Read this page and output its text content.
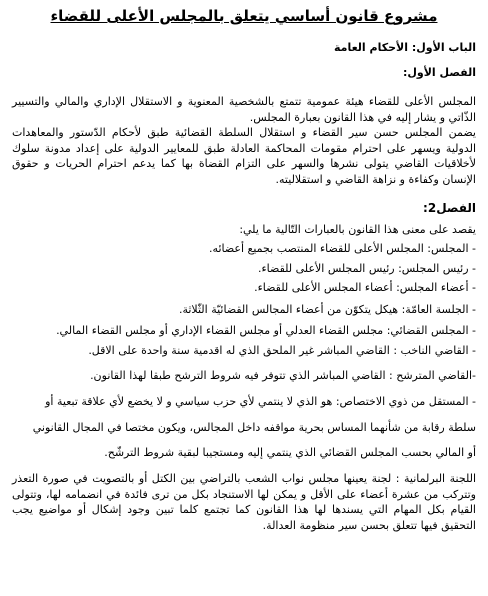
مشروع قانون أساسي يتعلق بالمجلس الأعلى للقضاء

الباب الأول: الأحكام العامة

الفصل الأول:

المجلس الأعلى للقضاء هيئة عمومية تتمتع بالشخصية المعنوية و الاستقلال الإداري والمالي والتسيير الذّاتي و يشار إليه في هذا القانون بعبارة المجلس.

يضمن المجلس حسن سير القضاء و استقلال السلطة القضائية طبق لأحكام الدّستور والمعاهدات الدولية ويسهر على احترام مقومات المحاكمة العادلة طبق للمعايير الدولية على إعداد مدونة سلوك لأخلاقيات القاضي يتولى نشرها والسهر على التزام القضاة بها كما يدعم احترام الحريات و حقوق الإنسان وكفاءة و نزاهة القاضي و استقلاليته.

الفصل2:

يقصد على معنى هذا القانون بالعبارات التّالية ما يلي:

- المجلس: المجلس الأعلى للقضاء المنتصب بجميع أعضائه.
- رئيس المجلس: رئيس المجلس الأعلى للقضاء.
- أعضاء المجلس: أعضاء المجلس الأعلى للقضاء.
- الجلسة العامّة: هيكل يتكوّن من أعضاء المجالس القضائيّة الثّلاثة.
- المجلس القضائي: مجلس القضاء العدلي أو مجلس القضاء الإداري أو مجلس القضاء المالي.
- القاضي الناخب : القاضي المباشر غير الملحق الذي له اقدمية سنة واحدة على الاقل.
-القاضي المترشح : القاضي المباشر الذي تتوفر فيه شروط الترشح طبقا لهذا القانون.
- المستقل من ذوي الاختصاص: هو الذي لا ينتمي لأي حزب سياسي و لا يخضع لأي علاقة تبعية أو

سلطة رقابة من شأنهما المساس بحرية مواقفه داخل المجالس، ويكون مختصا في المجال القانوني

أو المالي بحسب المجلس القضائي الذي ينتمي إليه ومستجيبا لبقية شروط الترشّح.

اللجنة البرلمانية : لجنة يعينها مجلس نواب الشعب بالتراضي بين الكتل أو بالتصويت في صورة التعذر وتتركب من عشرة أعضاء على الأقل و يمكن لها الاستنجاد بكل من ترى فائدة في انضمامه لها، وتتولى القيام بكل المهام التي يسندها لها هذا القانون كما تجتمع كلما تبين وجود إشكال أو مواضيع يجب التحقيق فيها تتعلق بحسن سير منظومة العدالة.
